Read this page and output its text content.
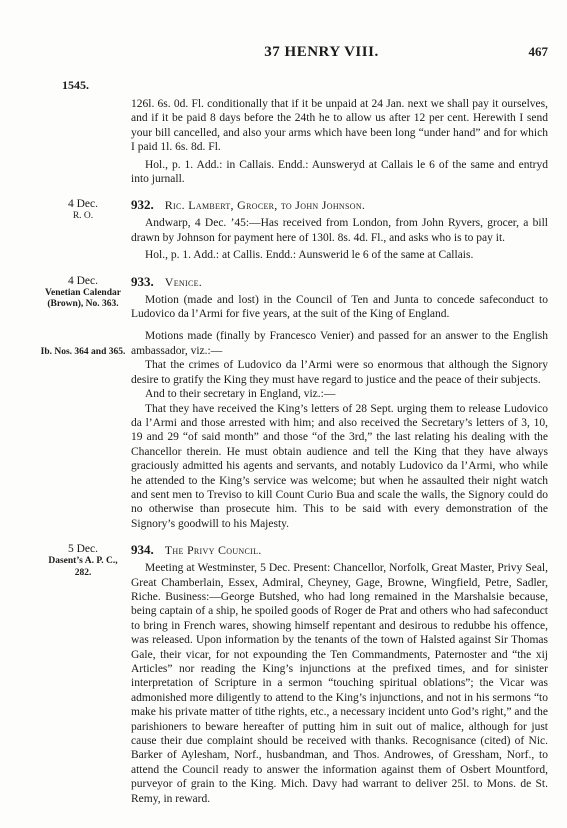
37 HENRY VIII.	467
1545.
126l. 6s. 0d. Fl. conditionally that if it be unpaid at 24 Jan. next we shall pay it ourselves, and if it be paid 8 days before the 24th he to allow us after 12 per cent. Herewith I send your bill cancelled, and also your arms which have been long “under hand” and for which I paid 1l. 6s. 8d. Fl.
Hol., p. 1. Add.: in Callais. Endd.: Aunsweryd at Callais le 6 of the same and entryd into jurnall.
4 Dec.
R. O.
932. Ric. Lambert, Grocer, to John Johnson.
Andwarp, 4 Dec. ’45:—Has received from London, from John Ryvers, grocer, a bill drawn by Johnson for payment here of 130l. 8s. 4d. Fl., and asks who is to pay it.
Hol., p. 1. Add.: at Callis. Endd.: Aunswerid le 6 of the same at Callais.
4 Dec.
Venetian Calendar (Brown), No. 363.
Ib. Nos. 364 and 365.
933. Venice.
Motion (made and lost) in the Council of Ten and Junta to concede safeconduct to Ludovico da l’Armi for five years, at the suit of the King of England.
Motions made (finally by Francesco Venier) and passed for an answer to the English ambassador, viz.:—
That the crimes of Ludovico da l’Armi were so enormous that although the Signory desire to gratify the King they must have regard to justice and the peace of their subjects.
And to their secretary in England, viz.:—
That they have received the King’s letters of 28 Sept. urging them to release Ludovico da l’Armi and those arrested with him; and also received the Secretary’s letters of 3, 10, 19 and 29 “of said month” and those “of the 3rd,” the last relating his dealing with the Chancellor therein. He must obtain audience and tell the King that they have always graciously admitted his agents and servants, and notably Ludovico da l’Armi, who while he attended to the King’s service was welcome; but when he assaulted their night watch and sent men to Treviso to kill Count Curio Bua and scale the walls, the Signory could do no otherwise than prosecute him. This to be said with every demonstration of the Signory’s goodwill to his Majesty.
5 Dec.
Dasent’s A. P. C., 282.
934. The Privy Council.
Meeting at Westminster, 5 Dec. Present: Chancellor, Norfolk, Great Master, Privy Seal, Great Chamberlain, Essex, Admiral, Cheyney, Gage, Browne, Wingfield, Petre, Sadler, Riche. Business:—George Butshed, who had long remained in the Marshalsie because, being captain of a ship, he spoiled goods of Roger de Prat and others who had safeconduct to bring in French wares, showing himself repentant and desirous to redubbe his offence, was released. Upon information by the tenants of the town of Halsted against Sir Thomas Gale, their vicar, for not expounding the Ten Commandments, Paternoster and “the xij Articles” nor reading the King’s injunctions at the prefixed times, and for sinister interpretation of Scripture in a sermon “touching spiritual oblations”; the Vicar was admonished more diligently to attend to the King’s injunctions, and not in his sermons “to make his private matter of tithe rights, etc., a necessary incident unto God’s right,” and the parishioners to beware hereafter of putting him in suit out of malice, although for just cause their due complaint should be received with thanks. Recognisance (cited) of Nic. Barker of Aylesham, Norf., husbandman, and Thos. Androwes, of Gressham, Norf., to attend the Council ready to answer the information against them of Osbert Mountford, purveyor of grain to the King. Mich. Davy had warrant to deliver 25l. to Mons. de St. Remy, in reward.
